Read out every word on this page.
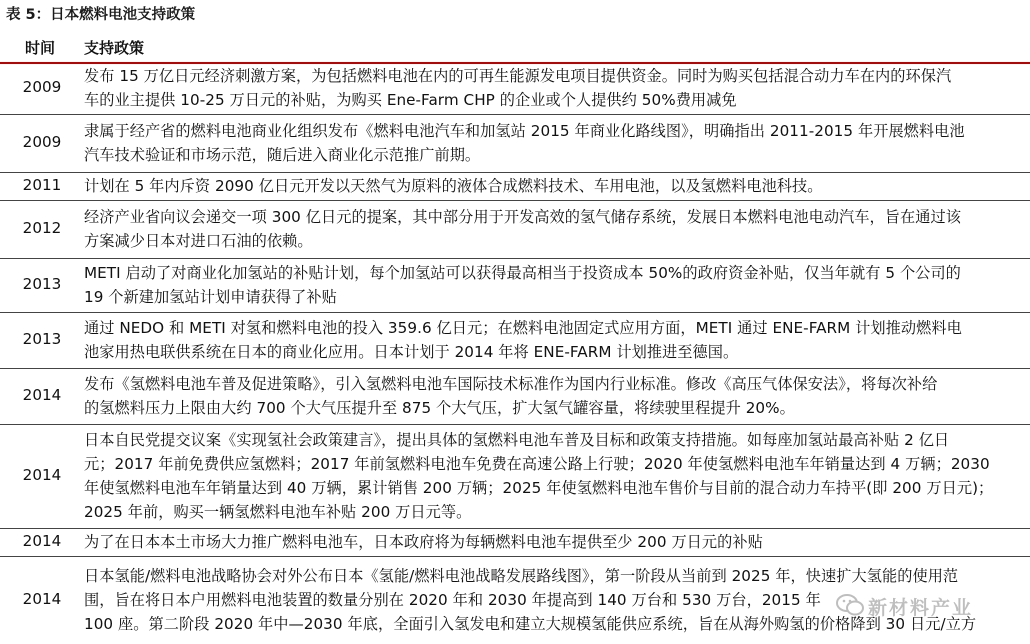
表 5：日本燃料电池支持政策
时间 支持政策
2009
发布 15 万亿日元经济刺激方案，为包括燃料电池在内的可再生能源发电项目提供资金。同时为购买包括混合动力车在内的环保汽
车的业主提供 10-25 万日元的补贴，为购买 Ene-Farm CHP 的企业或个人提供约 50%费用减免
2009
隶属于经产省的燃料电池商业化组织发布《燃料电池汽车和加氢站 2015 年商业化路线图》，明确指出 2011-2015 年开展燃料电池
汽车技术验证和市场示范，随后进入商业化示范推广前期。
2011	计划在 5 年内斥资 2090 亿日元开发以天然气为原料的液体合成燃料技术、车用电池，以及氢燃料电池科技。
2012
经济产业省向议会递交一项 300 亿日元的提案，其中部分用于开发高效的氢气储存系统，发展日本燃料电池电动汽车，旨在通过该
方案减少日本对进口石油的依赖。
2013
METI 启动了对商业化加氢站的补贴计划，每个加氢站可以获得最高相当于投资成本 50%的政府资金补贴，仅当年就有 5 个公司的
19 个新建加氢站计划申请获得了补贴
2013
通过 NEDO 和 METI 对氢和燃料电池的投入 359.6 亿日元；在燃料电池固定式应用方面，METI 通过 ENE-FARM 计划推动燃料电
池家用热电联供系统在日本的商业化应用。日本计划于 2014 年将 ENE-FARM 计划推进至德国。
2014
发布《氢燃料电池车普及促进策略》，引入氢燃料电池车国际技术标准作为国内行业标准。修改《高压气体保安法》，将每次补给
的氢燃料压力上限由大约 700 个大气压提升至 875 个大气压，扩大氢气罐容量，将续驶里程提升 20%。
2014
日本自民党提交议案《实现氢社会政策建言》，提出具体的氢燃料电池车普及目标和政策支持措施。如每座加氢站最高补贴 2 亿日
元；2017 年前免费供应氢燃料；2017 年前氢燃料电池车免费在高速公路上行驶；2020 年使氢燃料电池车年销量达到 4 万辆；2030
年使氢燃料电池车年销量达到 40 万辆，累计销售 200 万辆；2025 年使氢燃料电池车售价与目前的混合动力车持平(即 200 万日元)；
2025 年前，购买一辆氢燃料电池车补贴 200 万日元等。
2014	为了在日本本土市场大力推广燃料电池车，日本政府将为每辆燃料电池车提供至少 200 万日元的补贴
2014
日本氢能/燃料电池战略协会对外公布日本《氢能/燃料电池战略发展路线图》，第一阶段从当前到 2025 年，快速扩大氢能的使用范
围，旨在将日本户用燃料电池装置的数量分别在 2020 年和 2030 年提高到 140 万台和 530 万台，2015 年
100 座。第二阶段 2020 年中—2030 年底，全面引入氢发电和建立大规模氢能供应系统，旨在从海外购氢的价格降到 30 日元/立方
新材料产业
